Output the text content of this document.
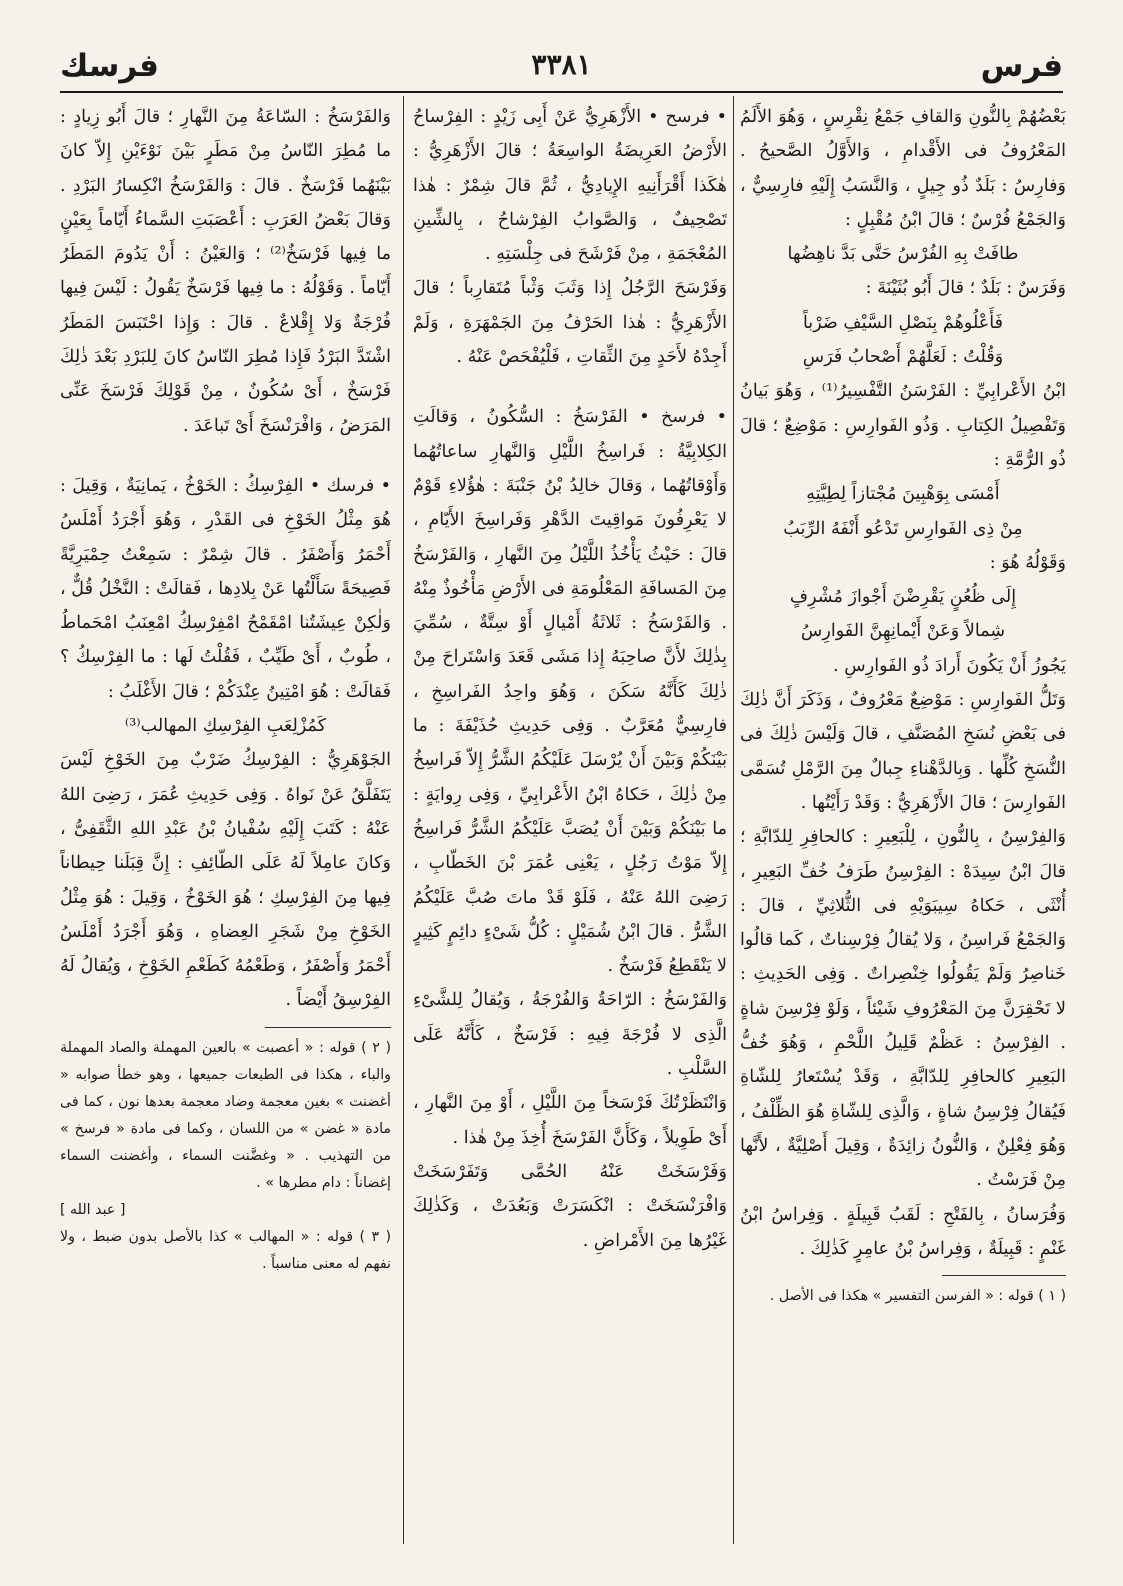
فرس
٣٣٨١
فرسك

بَعْضُهُمْ بِالنُّونِ وَالقافِ جَمْعُ نِقْرِسٍ ، وَهُوَ الأَلَمُ المَعْرُوفُ فى الأَقْدامِ ، وَالأَوَّلُ الصَّحيحُ . وَفارِسُ : بَلَدٌ ذُو جِيلٍ ، وَالنَّسَبُ إِلَيْهِ فارِسِيٌّ ، وَالجَمْعُ فُرْسٌ ؛ قالَ ابْنُ مُقْبِلٍ :

طافَتْ بِهِ الفُرْسُ حَتَّى بَدَّ ناهِضُها

وَفَرَسٌ : بَلَدٌ ؛ قالَ أَبُو بُثَيْنَةَ :

فَأَعْلُوهُمْ بِنَصْلِ السَّيْفِ ضَرْباً

وَقُلْتُ : لَعَلَّهُمْ أَصْحابُ فَرَسِ

ابْنُ الأَعْرابِيِّ : الفَرْسَنُ التَّفْسِيرُ⁽¹⁾ ، وَهُوَ بَيانُ وَتَفْصِيلُ الكِتابِ . وَذُو الفَوارِسِ : مَوْضِعٌ ؛ قالَ ذُو الرُّمَّةِ :

أَمْسَى بِوَهْبِينَ مُجْتازاً لِطِيَّتِهِ

مِنْ ذِى الفَوارِسِ تَدْعُو أَنْفَهُ الرِّبَبُ

وَقَوْلُهُ هُوَ :

إِلَى ظُعُنٍ يَقْرِضْنَ أَجْوازَ مُشْرِفٍ

شِمالاً وَعَنْ أَيْمانِهِنَّ الفَوارِسُ

يَجُوزُ أَنْ يَكُونَ أَرادَ ذُو الفَوارِسِ .

وَتَلُّ الفَوارِسِ : مَوْضِعٌ مَعْرُوفٌ ، وَذَكَرَ أَنَّ ذٰلِكَ فى بَعْضِ نُسَخِ المُصَنَّفِ ، قالَ وَلَيْسَ ذٰلِكَ فى النُّسَخِ كُلِّها . وَبِالدَّهْناءِ جِبالٌ مِنَ الرَّمْلِ تُسَمَّى الفَوارِسَ ؛ قالَ الأَزْهَرِيُّ : وَقَدْ رَأَيْتُها .

وَالفِرْسِنُ ، بِالنُّونِ ، لِلْبَعِيرِ : كالحافِرِ لِلدّابَّةِ ؛ قالَ ابْنُ سِيدَهْ : الفِرْسِنُ طَرَفُ خُفِّ البَعِيرِ ، أُنْثَى ، حَكاهُ سِيبَوَيْهِ فى الثُّلاثِيِّ ، قالَ : وَالجَمْعُ فَراسِنُ ، وَلا يُقالُ فِرْسِناتٌ ، كَما قالُوا خَناصِرُ وَلَمْ يَقُولُوا خِنْصِراتٌ . وَفِى الحَدِيثِ : لا تَحْقِرَنَّ مِنَ المَعْرُوفِ شَيْئاً ، وَلَوْ فِرْسِنَ شاةٍ . الفِرْسِنُ : عَظْمٌ قَلِيلُ اللَّحْمِ ، وَهُوَ خُفُّ البَعِيرِ كالحافِرِ لِلدّابَّةِ ، وَقَدْ يُسْتَعارُ لِلشّاةِ فَيُقالُ فِرْسِنُ شاةٍ ، وَالَّذِى لِلشّاةِ هُوَ الظِّلْفُ ، وَهُوَ فِعْلِنٌ ، وَالنُّونُ زائِدَةٌ ، وَقِيلَ أَصْلِيَّةٌ ، لأَنَّها مِنْ فَرَسْتُ .

وَفُرَسانُ ، بِالفَتْحِ : لَقَبُ قَبِيلَةٍ . وَفِراسُ ابْنُ غَنْمٍ : قَبِيلَةٌ ، وَفِراسُ بْنُ عامِرٍ كَذٰلِكَ .

( ١ ) قوله : « الفرسن التفسير » هكذا فى الأصل .

• فرسح • الأَزْهَرِيُّ عَنْ أَبِى زَيْدٍ : الفِرْساحُ الأَرْضُ العَرِيضَةُ الواسِعَةُ ؛ قالَ الأَزْهَرِيُّ : هٰكَذا أَقْرَأَنِيهِ الإِيادِيُّ ، ثُمَّ قالَ شِمْرٌ : هٰذا تَصْحِيفٌ ، وَالصَّوابُ الفِرْشاحُ ، بِالشِّينِ المُعْجَمَةِ ، مِنْ فَرْشَحَ فى جِلْسَتِهِ .

وَفَرْسَحَ الرَّجُلُ إِذا وَثَبَ وَثْباً مُتَقارِباً ؛ قالَ الأَزْهَرِيُّ : هٰذا الحَرْفُ مِنَ الجَمْهَرَةِ ، وَلَمْ أَجِدْهُ لأَحَدٍ مِنَ الثِّقاتِ ، فَلْيُفْحَصْ عَنْهُ .

• فرسخ • الفَرْسَخُ : السُّكُونُ ، وَقالَتِ الكِلابِيَّةُ : فَراسِخُ اللَّيْلِ وَالنَّهارِ ساعاتُهُما وَأَوْقاتُهُما ، وَقالَ خالِدُ بْنُ جَنْبَةَ : هٰؤُلاءِ قَوْمٌ لا يَعْرِفُونَ مَواقِيتَ الدَّهْرِ وَفَراسِخَ الأَيّامِ ، قالَ : حَيْثُ يَأْخُذُ اللَّيْلُ مِنَ النَّهارِ ، وَالفَرْسَخُ مِنَ المَسافَةِ المَعْلُومَةِ فى الأَرْضِ مَأْخُوذٌ مِنْهُ . وَالفَرْسَخُ : ثَلاثَةُ أَمْيالٍ أَوْ سِتَّةٌ ، سُمِّيَ بِذٰلِكَ لأَنَّ صاحِبَهُ إِذا مَشَى قَعَدَ وَاسْتَراحَ مِنْ ذٰلِكَ كَأَنَّهُ سَكَنَ ، وَهُوَ واحِدُ الفَراسِخِ ، فارِسِيٌّ مُعَرَّبٌ . وَفِى حَدِيثِ حُذَيْفَةَ : ما بَيْنَكُمْ وَبَيْنَ أَنْ يُرْسَلَ عَلَيْكُمُ الشَّرُّ إِلاّ فَراسِخُ مِنْ ذٰلِكَ ، حَكاهُ ابْنُ الأَعْرابِيِّ ، وَفِى رِوايَةٍ : ما بَيْنَكُمْ وَبَيْنَ أَنْ يُصَبَّ عَلَيْكُمُ الشَّرُّ فَراسِخُ إِلاّ مَوْتُ رَجُلٍ ، يَعْنِى عُمَرَ بْنَ الخَطّابِ ، رَضِىَ اللهُ عَنْهُ ، فَلَوْ قَدْ ماتَ صُبَّ عَلَيْكُمُ الشَّرُّ . قالَ ابْنُ شُمَيْلٍ : كُلُّ شَىْءٍ دائِمٍ كَثِيرٍ لا يَنْقَطِعُ فَرْسَخٌ .

وَالفَرْسَخُ : الرّاحَةُ وَالفُرْجَةُ ، وَيُقالُ لِلشَّىْءِ الَّذِى لا فُرْجَةَ فِيهِ : فَرْسَخٌ ، كَأَنَّهُ عَلَى السَّلْبِ .

وَانْتَظَرْتُكَ فَرْسَخاً مِنَ اللَّيْلِ ، أَوْ مِنَ النَّهارِ ، أَىْ طَوِيلاً ، وَكَأَنَّ الفَرْسَخَ أُخِذَ مِنْ هٰذا .

وَفَرْسَخَتْ عَنْهُ الحُمَّى وَتَفَرْسَخَتْ وَافْرَنْسَخَتْ : انْكَسَرَتْ وَبَعُدَتْ ، وَكَذٰلِكَ غَيْرُها مِنَ الأَمْراضِ .

وَالفَرْسَخُ : السّاعَةُ مِنَ النَّهارِ ؛ قالَ أَبُو زِيادٍ : ما مُطِرَ النّاسُ مِنْ مَطَرٍ بَيْنَ نَوْءَيْنِ إِلاّ كانَ بَيْنَهُما فَرْسَخٌ . قالَ : وَالفَرْسَخُ انْكِسارُ البَرْدِ . وَقالَ بَعْضُ العَرَبِ : أَعْصَبَتِ السَّماءُ أَيّاماً بِعَيْنٍ ما فِيها فَرْسَخٌ⁽²⁾ ؛ وَالعَيْنُ : أَنْ يَدُومَ المَطَرُ أَيّاماً . وَقَوْلُهُ : ما فِيها فَرْسَخٌ يَقُولُ : لَيْسَ فِيها فُرْجَةٌ وَلا إِقْلاعٌ . قالَ : وَإِذا احْتَبَسَ المَطَرُ اشْتَدَّ البَرْدُ فَإِذا مُطِرَ النّاسُ كانَ لِلبَرْدِ بَعْدَ ذٰلِكَ فَرْسَخٌ ، أَىْ سُكُونٌ ، مِنْ قَوْلِكَ فَرْسَخَ عَنِّى المَرَضُ ، وَافْرَنْسَخَ أَىْ تَباعَدَ .

• فرسك • الفِرْسِكُ : الخَوْخُ ، يَمانِيَةٌ ، وَقِيلَ : هُوَ مِثْلُ الخَوْخِ فى القَدْرِ ، وَهُوَ أَجْرَدُ أَمْلَسُ أَحْمَرُ وَأَصْفَرُ . قالَ شِمْرٌ : سَمِعْتُ حِمْيَرِيَّةً فَصِيحَةً سَأَلْتُها عَنْ بِلادِها ، فَقالَتْ : النَّخْلُ قُلٌّ ، وَلٰكِنْ عِيشَتُنا امْقَمْحُ امْفِرْسِكُ امْعِنَبُ امْحَماطُ ، طُوبٌ ، أَىْ طَيِّبٌ ، فَقُلْتُ لَها : ما الفِرْسِكُ ؟ فَقالَتْ : هُوَ امْتِينُ عِنْدَكُمْ ؛ قالَ الأَغْلَبُ :

كَمُزْلِعَبِ الفِرْسِكِ المهالب⁽³⁾

الجَوْهَرِيُّ : الفِرْسِكُ ضَرْبٌ مِنَ الخَوْخِ لَيْسَ يَتَفَلَّقُ عَنْ نَواهُ . وَفِى حَدِيثِ عُمَرَ ، رَضِىَ اللهُ عَنْهُ : كَتَبَ إِلَيْهِ سُفْيانُ بْنُ عَبْدِ اللهِ الثَّقَفِىُّ ، وَكانَ عامِلاً لَهُ عَلَى الطّائِفِ : إِنَّ قِبَلَنا حِيطاناً فِيها مِنَ الفِرْسِكِ ؛ هُوَ الخَوْخُ ، وَقِيلَ : هُوَ مِثْلُ الخَوْخِ مِنْ شَجَرِ العِضاهِ ، وَهُوَ أَجْرَدُ أَمْلَسُ أَحْمَرُ وَأَصْفَرُ ، وَطَعْمُهُ كَطَعْمِ الخَوْخِ ، وَيُقالُ لَهُ الفِرْسِقُ أَيْضاً .

( ٢ ) قوله : « أعصبت » بالعين المهملة والصاد المهملة والباء ، هكذا فى الطبعات جميعها ، وهو خطأ صوابه « أغضنت » بغين معجمة وضاد معجمة بعدها نون ، كما فى مادة « غضن » من اللسان ، وكما فى مادة « فرسخ » من التهذيب . « وغضَّنت السماء ، وأغضنت السماء إغضاناً : دام مطرها » .

[ عبد الله ]

( ٣ ) قوله : « المهالب » كذا بالأصل بدون ضبط ، ولا نفهم له معنى مناسباً .
